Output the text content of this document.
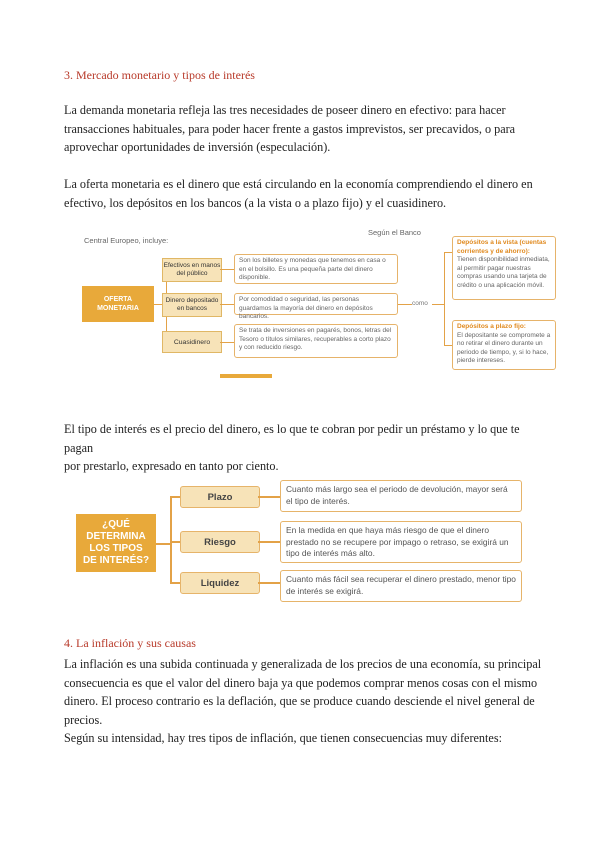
3. Mercado monetario y tipos de interés

La demanda monetaria refleja las tres necesidades de poseer dinero en efectivo: para hacer

transacciones habituales, para poder hacer frente a gastos imprevistos, ser precavidos, o para

aprovechar oportunidades de inversión (especulación).

La oferta monetaria es el dinero que está circulando en la economía comprendiendo el dinero en

efectivo, los depósitos en los bancos (a la vista o a plazo fijo) y el cuasidinero.

Central Europeo, incluye:
Según el Banco
OFERTA MONETARIA
Efectivos en manos del público
Dinero depositado en bancos
Cuasidinero
Son los billetes y monedas que tenemos en casa o en el bolsillo. Es una pequeña parte del dinero disponible.
Por comodidad o seguridad, las personas guardamos la mayoría del dinero en depósitos bancarios.
Se trata de inversiones en pagarés, bonos, letras del Tesoro o títulos similares, recuperables a corto plazo y con reducido riesgo.
como
Depósitos a la vista (cuentas corrientes y de ahorro):
Tienen disponibilidad inmediata, al permitir pagar nuestras compras usando una tarjeta de crédito o una aplicación móvil.
Depósitos a plazo fijo:
El depositante se compromete a no retirar el dinero durante un periodo de tiempo, y, si lo hace, pierde intereses.

El tipo de interés es el precio del dinero, es lo que te cobran por pedir un préstamo y lo que te pagan

por prestarlo, expresado en tanto por ciento.

¿QUÉ DETERMINA LOS TIPOS DE INTERÉS?
Plazo
Riesgo
Liquidez
Cuanto más largo sea el periodo de devolución, mayor será el tipo de interés.
En la medida en que haya más riesgo de que el dinero prestado no se recupere por impago o retraso, se exigirá un tipo de interés más alto.
Cuanto más fácil sea recuperar el dinero prestado, menor tipo de interés se exigirá.
4. La inflación y sus causas

La inflación es una subida continuada y generalizada de los precios de una economía, su principal

consecuencia es que el valor del dinero baja ya que podemos comprar menos cosas con el mismo

dinero. El proceso contrario es la deflación, que se produce cuando desciende el nivel general de

precios.

Según su intensidad, hay tres tipos de inflación, que tienen consecuencias muy diferentes:
